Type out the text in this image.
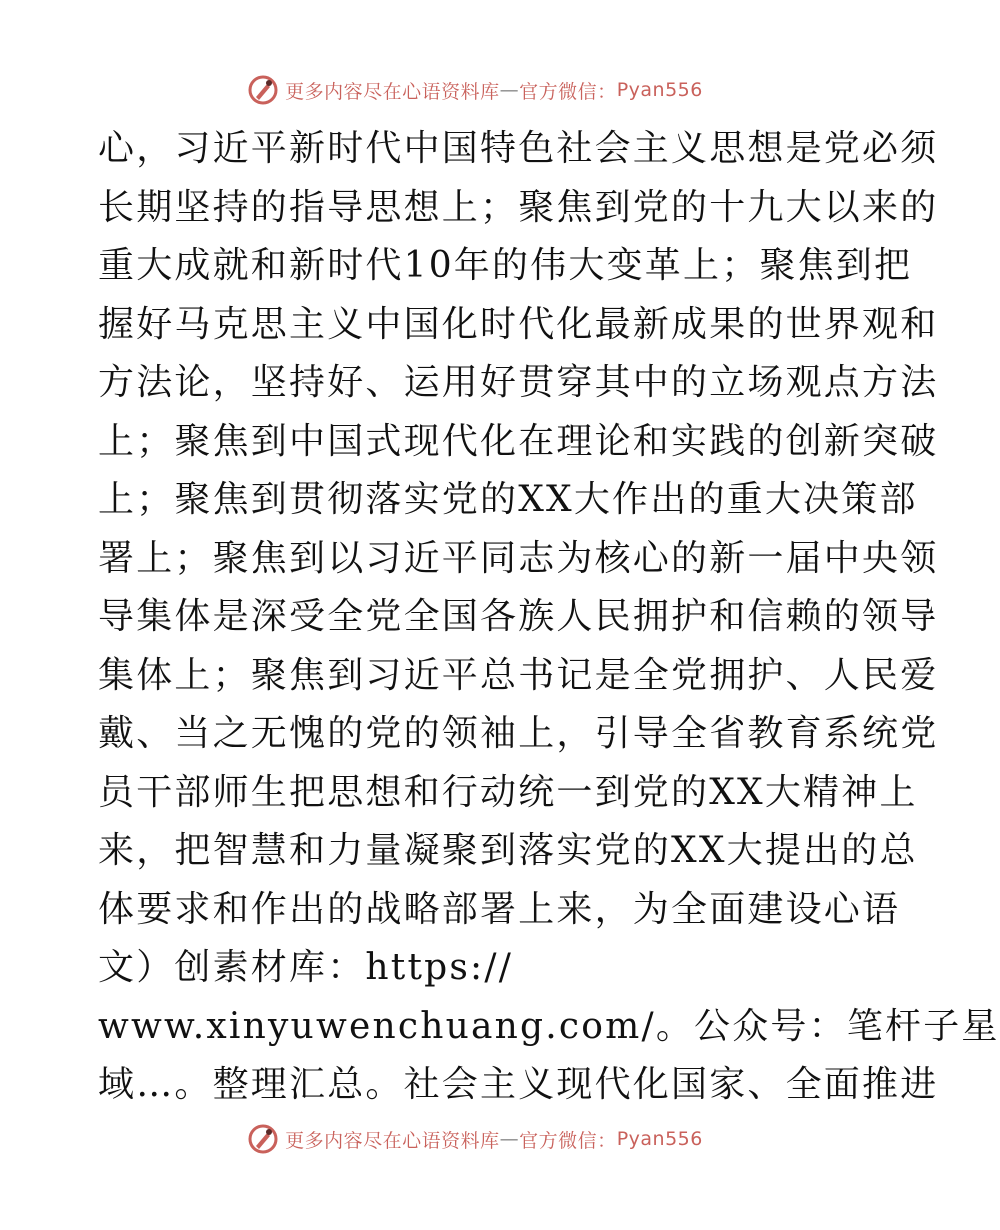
更多内容尽在心语资料库 — 官方微信： Pyan556
心，习近平新时代中国特色社会主义思想是党必须
长期坚持的指导思想上；聚焦到党的十九大以来的
重大成就和新时代10年的伟大变革上；聚焦到把
握好马克思主义中国化时代化最新成果的世界观和
方法论，坚持好、运用好贯穿其中的立场观点方法
上；聚焦到中国式现代化在理论和实践的创新突破
上；聚焦到贯彻落实党的XX大作出的重大决策部
署上；聚焦到以习近平同志为核心的新一届中央领
导集体是深受全党全国各族人民拥护和信赖的领导
集体上；聚焦到习近平总书记是全党拥护、人民爱
戴、当之无愧的党的领袖上，引导全省教育系统党
员干部师生把思想和行动统一到党的XX大精神上
来，把智慧和力量凝聚到落实党的XX大提出的总
体要求和作出的战略部署上来，为全面建设心语
文）创素材库：https://
www.xinyuwenchuang.com/。公众号：笔杆子星
域…。整理汇总。社会主义现代化国家、全面推进
更多内容尽在心语资料库 — 官方微信： Pyan556
